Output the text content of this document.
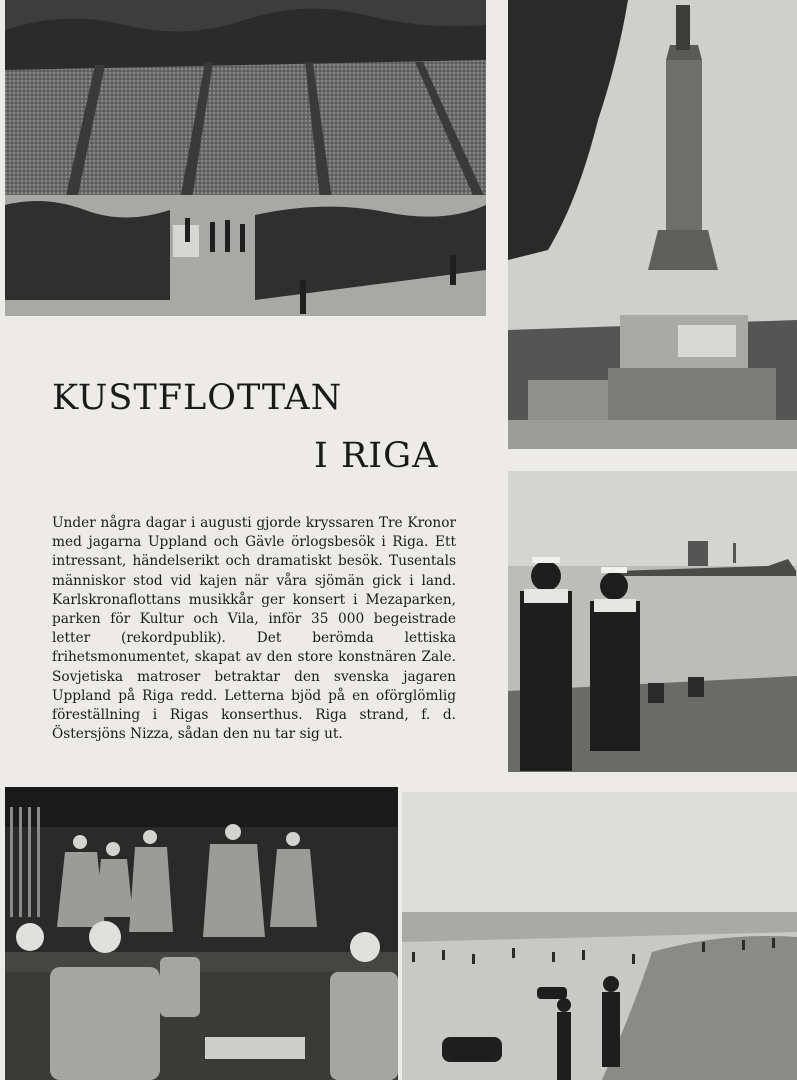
KUSTFLOTTAN
I RIGA

Under några dagar i augusti gjorde kryssaren Tre Kronor med jagarna Uppland och Gävle örlogsbesök i Riga. Ett intressant, händelserikt och dramatiskt besök. Tusentals människor stod vid kajen när våra sjömän gick i land. Karlskronaflottans musikkår ger konsert i Mezaparken, parken för Kultur och Vila, inför 35 000 begeistrade letter (rekordpublik). Det berömda lettiska frihetsmonumentet, skapat av den store konstnären Zale. Sovjetiska matroser betraktar den svenska jagaren Uppland på Riga redd. Letterna bjöd på en oförglömlig föreställning i Rigas konserthus. Riga strand, f. d. Östersjöns Nizza, sådan den nu tar sig ut.
